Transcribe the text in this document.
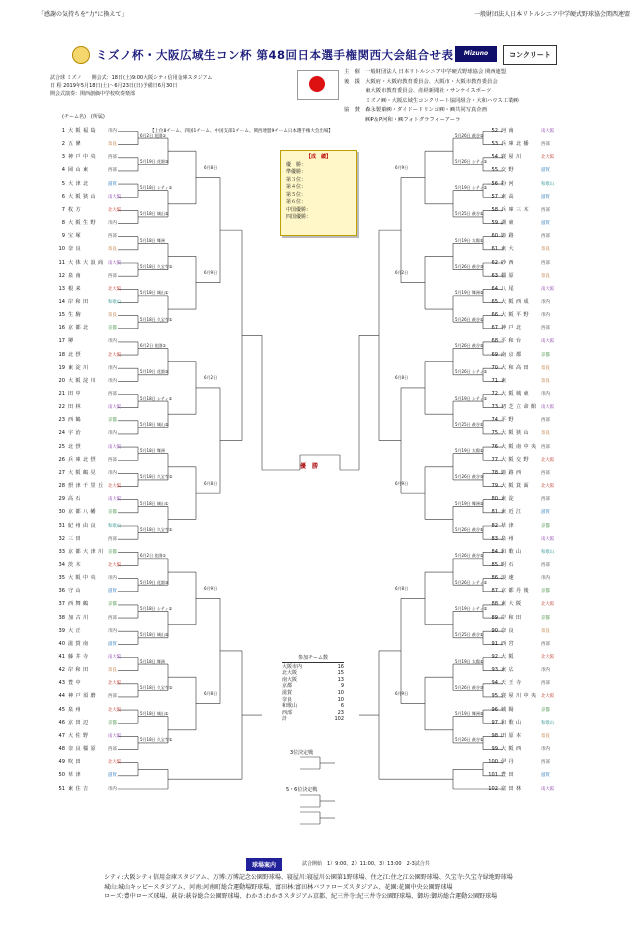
「感謝の気持ちを"力"に換えて」	一般財団法人日本リトルシニア中学硬式野球協会関西連盟
ミズノ杯・大阪広域生コン杯 第48回日本選手権関西大会組合せ表	Mizuno	コンクリート
試合球 ミズノ　　開会式：18日(土)9:00大阪シティ信用金庫スタジアム
日 程 2019年5月18日(土)～6月23日(日)予備日6月30日
開会式演奏：関西創価中学校吹奏楽部
主　催　一般財団法人 日本リトルシニア中学硬式野球協会 関西連盟
後　援　大阪府・大阪府教育委員会、大阪市・大阪市教育委員会
　　　　東大阪市教育委員会、産経新聞社・サンケイスポーツ
　　　　ミズノ㈱・大阪広域生コンクリート協同組合・大和ハウス工業㈱
協　賛　森永製菓㈱・ダイドードリンコ㈱・㈱共同写真企画
　　　　㈱P＆P河和・㈱フォトグラフィーアーラ
(チーム名)　(所属)
【上位8チーム、四国1チーム、中国支部1チーム、関西連盟9チーム日本選手権大会出場】
1 大阪福島 市内
2 五條	奈良
3 神戸中央 西部
4 岡山東	西部
5 大津北	滋賀
6 大阪狭山 南大阪
7 枚方	北大阪
8 大阪生野 市内
9 宝塚	西部
10 奈良	奈良
11 大体大浪商 南大阪
12 泉南	西部
13 根来	北大阪
14 岸和田	和歌山
15 生駒	奈良
16 京都北	京都
17 堺	市内
18 北摂	北大阪
19 東淀川	市内
20 大阪淀川 市内
21 田中	西部
22 田林	南大阪
23 西鶴	京都
24 宇治	市内
25 北摂	南大阪
26 兵庫北摂 西部
27 大阪鶴見 市内
28 摂津千里丘 北大阪
29 高石	南大阪
30 京都八幡 京都
31 紀州由良 和歌山
32 三田	西部
33 京都大津川 京都
34 茨木	北大阪
35 大阪中央 市内
36 守山	滋賀
37 西舞鶴	京都
38 加古川	西部
39 大正	市内
40 滋賀南	滋賀
41 藤井寺	南大阪
42 岸和田	奈良
43 豊中	北大阪
44 神戸須磨 西部
45 泉州	北大阪
46 京田辺	京都
47 大佐野	南大阪
48 奈良橿原 西部
49 吹田	北大阪
50 草津	滋賀
51 東住吉	市内
52 河南	南大阪
53 兵庫北播 西部
54 寝屋川	北大阪
55 交野	滋賀
56 粉河	和歌山
57 東高	滋賀
58 兵庫三木 西部
59 湖東	滋賀
60 姫路	西部
61 東大	奈良
62 砂西	西部
63 橿原	奈良
64 八尾	南大阪
65 大阪西成 市内
66 大阪平野 市内
67 神戸北	西部
68 平和台	南大阪
69 南京都	京都
70 大和高田 奈良
71 東	奈良
72 大阪城東 市内
73 初芝立命館 南大阪
74 平野	西部
75 大阪狭山 奈良
76 大阪南中央 西部
77 大阪交野 北大阪
78 姫路西	西部
79 大阪箕面 北大阪
80 東淀	西部
81 東近江	滋賀
82 草津	京都
83 泉州	南大阪
84 和歌山	和歌山
85 明石	西部
86 浪速	市内
87 京都丹後 京都
88 東大阪	北大阪
89 岸和田	京都
90 奈良	奈良
91 西宮	西部
92 大阪	北大阪
93 東広	市内
94 天王寺	西部
95 寝屋川中央 北大阪
96 城陽	京都
97 和歌山	和歌山
98 田原本	奈良
99 大阪西	市内
100 伊丹	西部
101 豊田	滋賀
102 富田林	南大阪
6月2日 花園①	5月26日 萩谷②
5月19日 花園③	5月26日 シティ②
5月18日 シティ①	5月19日 シティ②
5月18日 城山②	5月25日 萩谷①
5月18日 舞洲	5月19日 太陽①
5月18日 久宝寺②	5月26日 萩谷③
5月18日 城山①	5月19日 舞洲②
5月18日 久宝寺①	5月26日 萩谷①
6月2日 花園①	5月26日 萩谷②
5月19日 花園③	5月26日 シティ②
5月18日 シティ①	5月19日 シティ②
5月18日 城山②	5月25日 萩谷①
5月18日 舞洲	5月19日 太陽①
5月18日 久宝寺②	5月26日 萩谷③
5月18日 城山①	5月19日 舞洲②
5月18日 久宝寺①	5月26日 萩谷①
6月2日 花園①	5月26日 萩谷②
5月19日 花園③	5月26日 シティ②
5月18日 シティ①	5月19日 シティ②
5月18日 城山②	5月25日 萩谷①
5月18日 舞洲	5月19日 太陽①
5月18日 久宝寺②	5月26日 萩谷③
5月18日 城山①	5月19日 舞洲②
5月18日 久宝寺①	5月26日 萩谷①
6月8日	6月9日
6月9日	6月2日
6月2日	6月8日
6月8日	6月9日
6月9日	6月8日
6月8日	6月9日
【成　績】
優　勝：
準優勝：
第３位：
第４位：
第５位：
第６位：
中国優勝：
四国優勝：
優　勝
参加チーム数
大阪市内	16
北大阪	15
南大阪	13
京都	9
滋賀	10
奈良	10
和歌山	6
西部	23
計	102
3位決定戦
5・6位決定戦
球場案内	試合開始　1）9:00、2）11:00、3）13:00　2-3試合共
シティ:大阪シティ信用金庫スタジアム、万博:万博記念公園野球場、寝屋川:寝屋川公園第1野球場、住之江:住之江公園野球場、久宝寺:久宝寺緑地野球場
城山:城山キッピースタジアム、河南:河南町総合運動場野球場、富田林:富田林バファローズスタジアム、花園:花園中央公園野球場
ローズ:豊中ローズ球場、萩谷:萩谷総合公園野球場、わかさ:わかさスタジアム京都、紀三井寺:紀三井寺公園野球場、御坊:御坊総合運動公園野球場
